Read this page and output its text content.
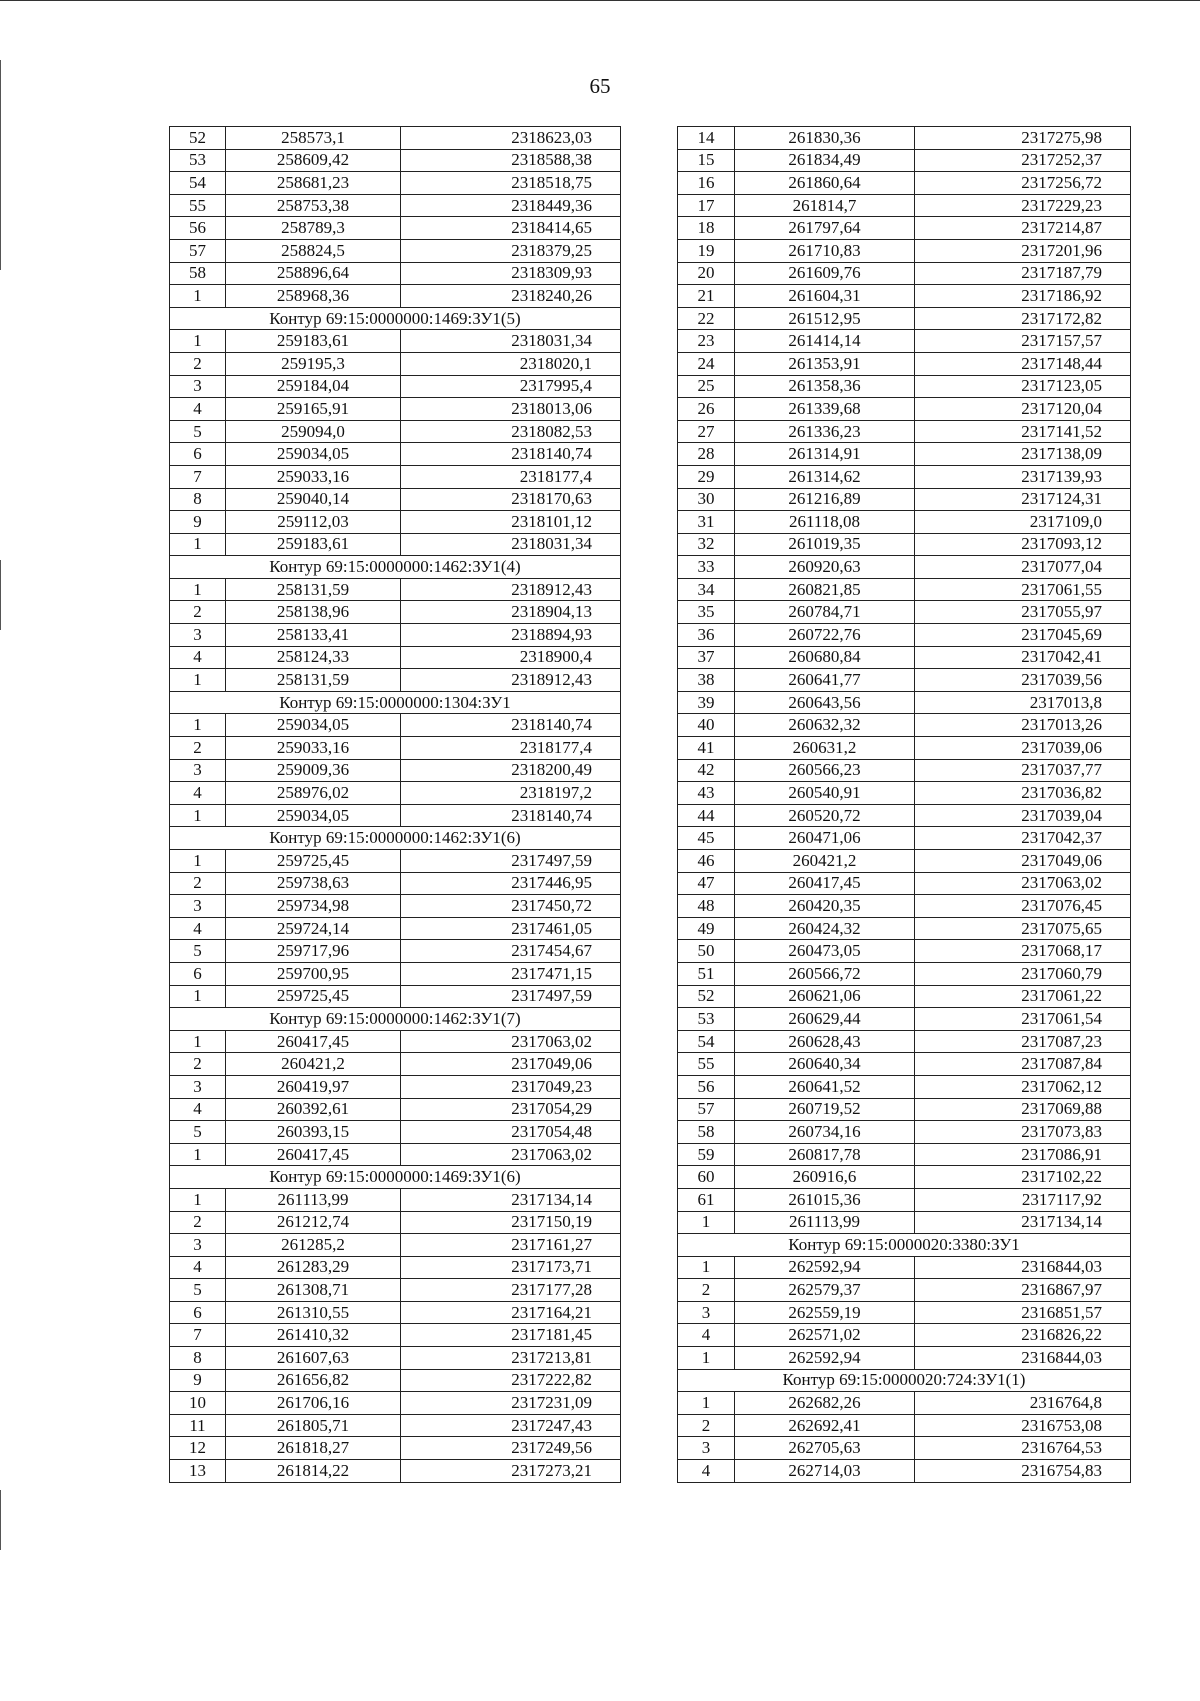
65
52	258573,1	2318623,03
53	258609,42	2318588,38
54	258681,23	2318518,75
55	258753,38	2318449,36
56	258789,3	2318414,65
57	258824,5	2318379,25
58	258896,64	2318309,93
1	258968,36	2318240,26
Контур 69:15:0000000:1469:ЗУ1(5)		
1	259183,61	2318031,34
2	259195,3	2318020,1
3	259184,04	2317995,4
4	259165,91	2318013,06
5	259094,0	2318082,53
6	259034,05	2318140,74
7	259033,16	2318177,4
8	259040,14	2318170,63
9	259112,03	2318101,12
1	259183,61	2318031,34
Контур 69:15:0000000:1462:ЗУ1(4)		
1	258131,59	2318912,43
2	258138,96	2318904,13
3	258133,41	2318894,93
4	258124,33	2318900,4
1	258131,59	2318912,43
Контур 69:15:0000000:1304:ЗУ1		
1	259034,05	2318140,74
2	259033,16	2318177,4
3	259009,36	2318200,49
4	258976,02	2318197,2
1	259034,05	2318140,74
Контур 69:15:0000000:1462:ЗУ1(6)		
1	259725,45	2317497,59
2	259738,63	2317446,95
3	259734,98	2317450,72
4	259724,14	2317461,05
5	259717,96	2317454,67
6	259700,95	2317471,15
1	259725,45	2317497,59
Контур 69:15:0000000:1462:ЗУ1(7)		
1	260417,45	2317063,02
2	260421,2	2317049,06
3	260419,97	2317049,23
4	260392,61	2317054,29
5	260393,15	2317054,48
1	260417,45	2317063,02
Контур 69:15:0000000:1469:ЗУ1(6)		
1	261113,99	2317134,14
2	261212,74	2317150,19
3	261285,2	2317161,27
4	261283,29	2317173,71
5	261308,71	2317177,28
6	261310,55	2317164,21
7	261410,32	2317181,45
8	261607,63	2317213,81
9	261656,82	2317222,82
10	261706,16	2317231,09
11	261805,71	2317247,43
12	261818,27	2317249,56
13	261814,22	2317273,21
14	261830,36	2317275,98
15	261834,49	2317252,37
16	261860,64	2317256,72
17	261814,7	2317229,23
18	261797,64	2317214,87
19	261710,83	2317201,96
20	261609,76	2317187,79
21	261604,31	2317186,92
22	261512,95	2317172,82
23	261414,14	2317157,57
24	261353,91	2317148,44
25	261358,36	2317123,05
26	261339,68	2317120,04
27	261336,23	2317141,52
28	261314,91	2317138,09
29	261314,62	2317139,93
30	261216,89	2317124,31
31	261118,08	2317109,0
32	261019,35	2317093,12
33	260920,63	2317077,04
34	260821,85	2317061,55
35	260784,71	2317055,97
36	260722,76	2317045,69
37	260680,84	2317042,41
38	260641,77	2317039,56
39	260643,56	2317013,8
40	260632,32	2317013,26
41	260631,2	2317039,06
42	260566,23	2317037,77
43	260540,91	2317036,82
44	260520,72	2317039,04
45	260471,06	2317042,37
46	260421,2	2317049,06
47	260417,45	2317063,02
48	260420,35	2317076,45
49	260424,32	2317075,65
50	260473,05	2317068,17
51	260566,72	2317060,79
52	260621,06	2317061,22
53	260629,44	2317061,54
54	260628,43	2317087,23
55	260640,34	2317087,84
56	260641,52	2317062,12
57	260719,52	2317069,88
58	260734,16	2317073,83
59	260817,78	2317086,91
60	260916,6	2317102,22
61	261015,36	2317117,92
1	261113,99	2317134,14
Контур 69:15:0000020:3380:ЗУ1		
1	262592,94	2316844,03
2	262579,37	2316867,97
3	262559,19	2316851,57
4	262571,02	2316826,22
1	262592,94	2316844,03
Контур 69:15:0000020:724:ЗУ1(1)		
1	262682,26	2316764,8
2	262692,41	2316753,08
3	262705,63	2316764,53
4	262714,03	2316754,83
